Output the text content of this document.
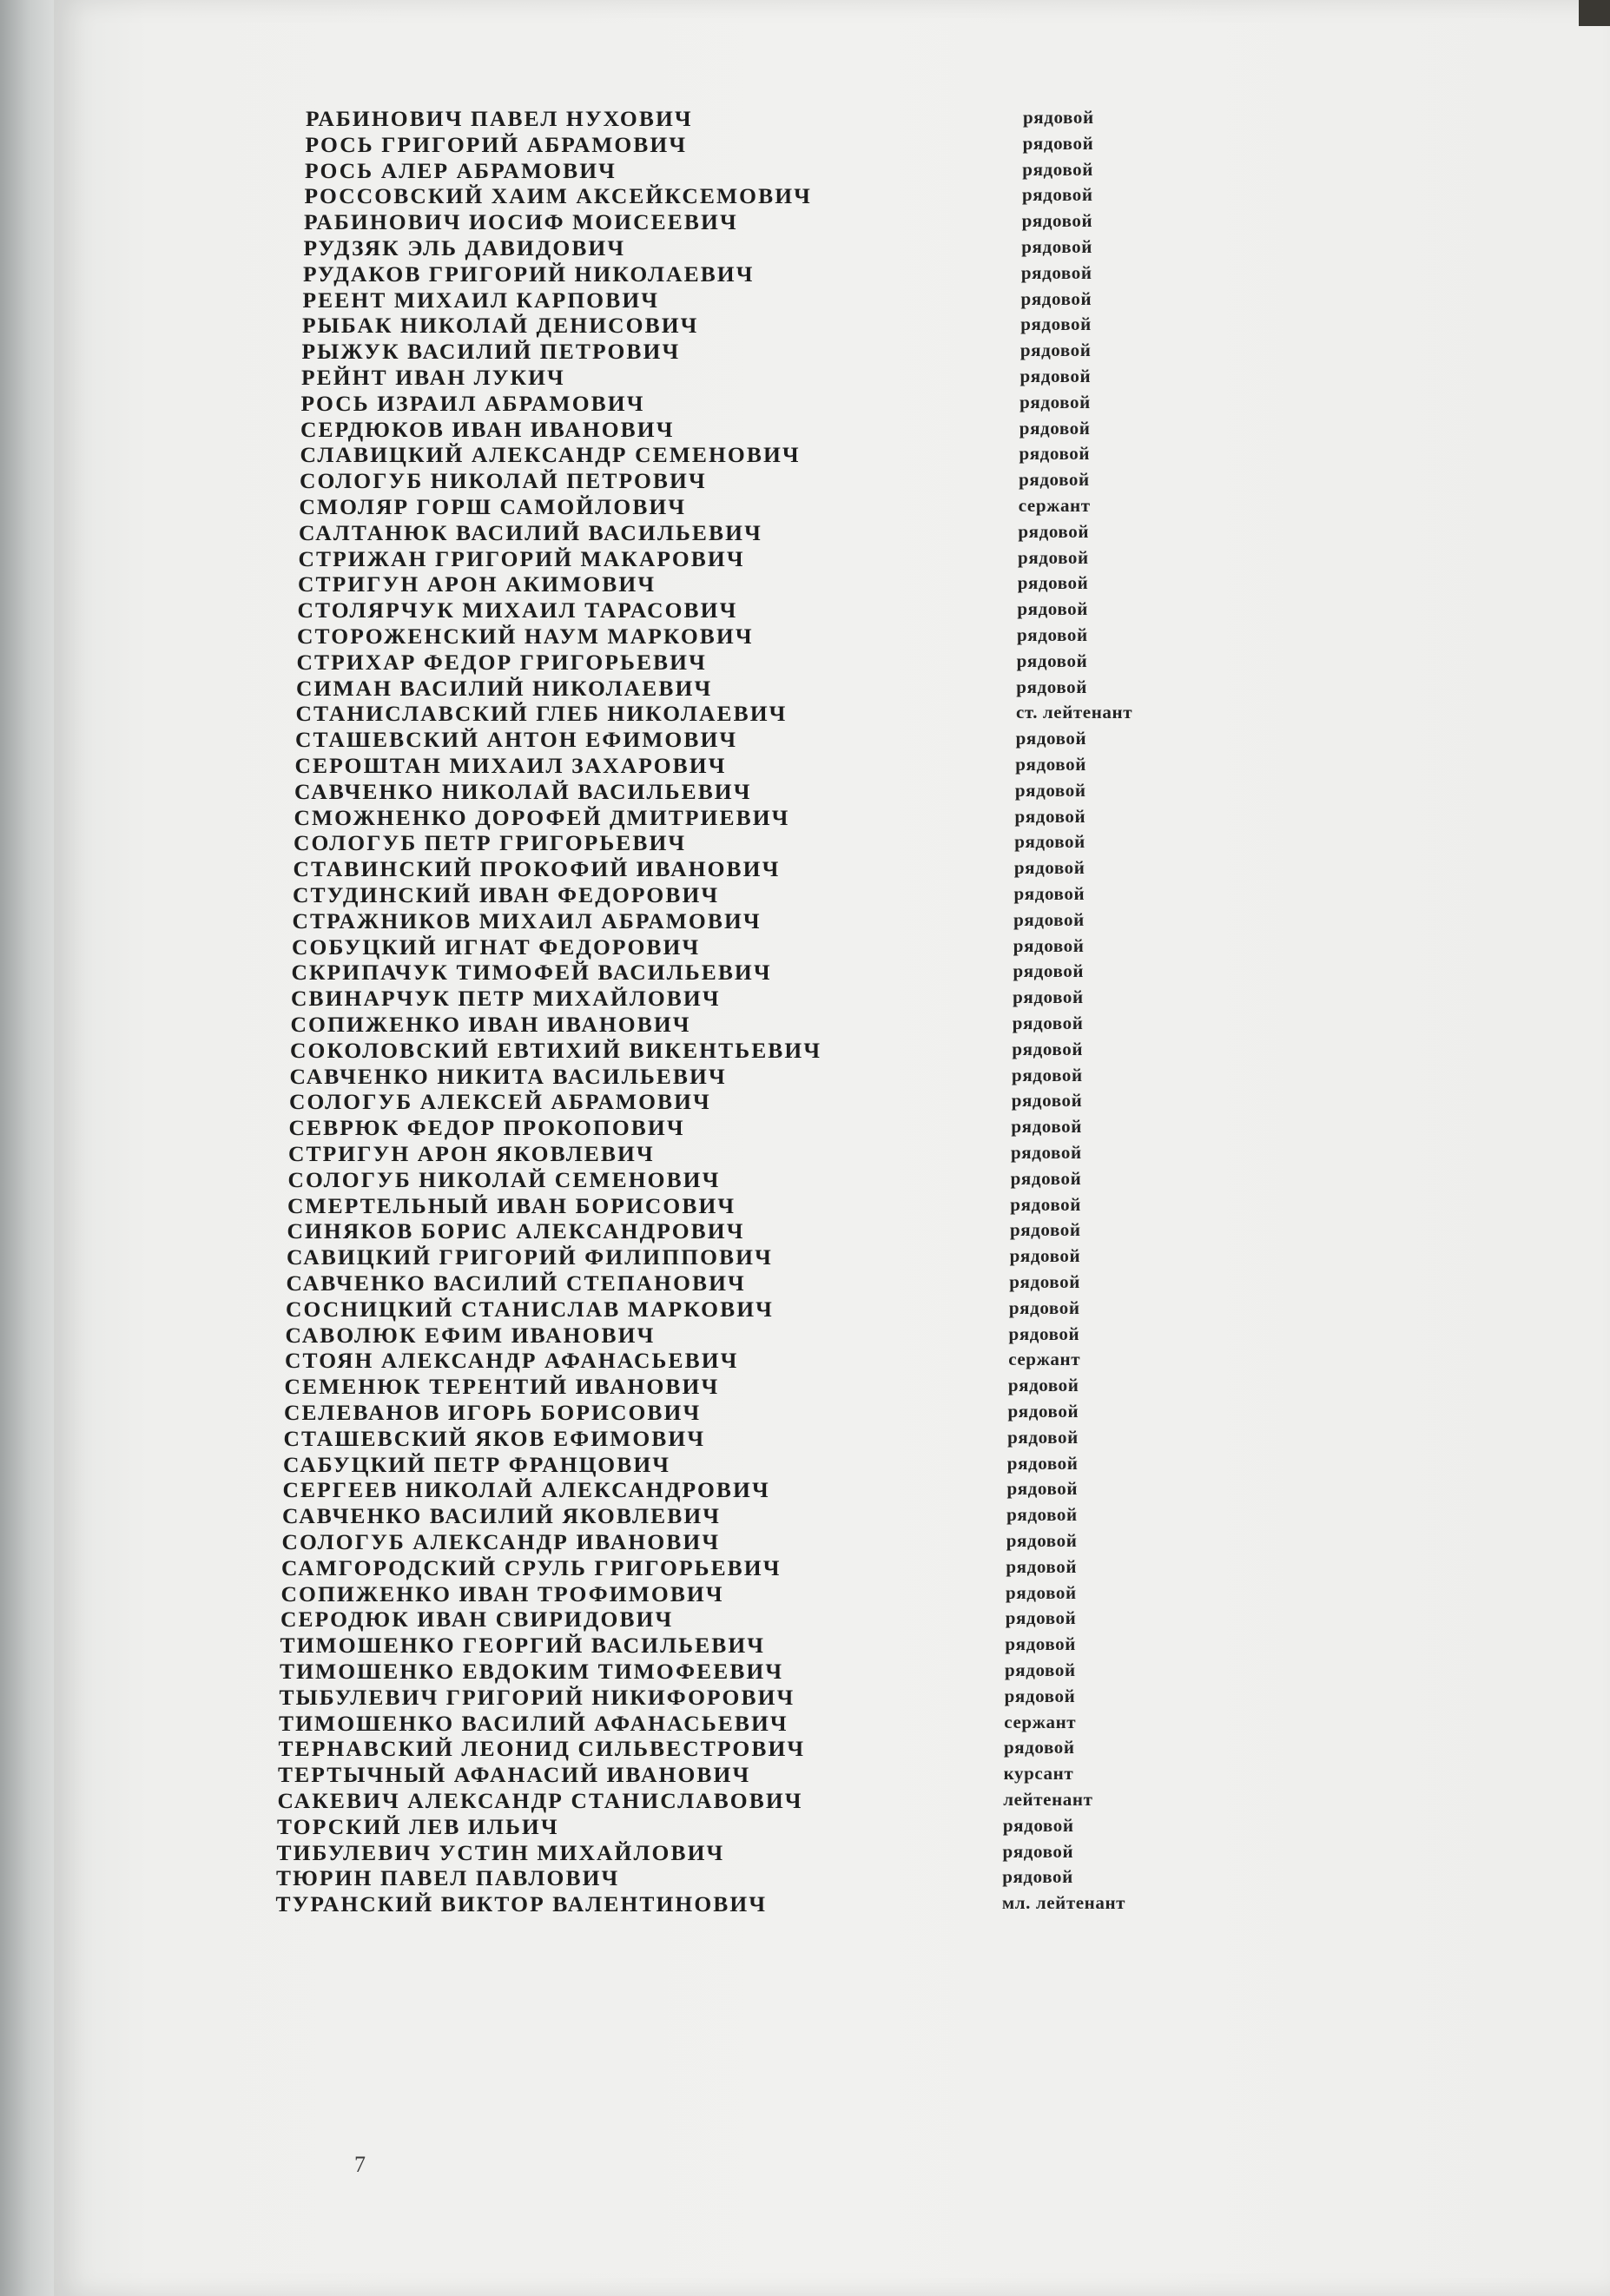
РАБИНОВИЧ ПАВЕЛ НУХОВИЧ	рядовой
РОСЬ ГРИГОРИЙ АБРАМОВИЧ	рядовой
РОСЬ АЛЕР АБРАМОВИЧ	рядовой
РОССОВСКИЙ ХАИМ АКСЕЙКСЕМОВИЧ	рядовой
РАБИНОВИЧ ИОСИФ МОИСЕЕВИЧ	рядовой
РУДЗЯК ЭЛЬ ДАВИДОВИЧ	рядовой
РУДАКОВ ГРИГОРИЙ НИКОЛАЕВИЧ	рядовой
РЕЕНТ МИХАИЛ КАРПОВИЧ	рядовой
РЫБАК НИКОЛАЙ ДЕНИСОВИЧ	рядовой
РЫЖУК ВАСИЛИЙ ПЕТРОВИЧ	рядовой
РЕЙНТ ИВАН ЛУКИЧ	рядовой
РОСЬ ИЗРАИЛ АБРАМОВИЧ	рядовой
СЕРДЮКОВ ИВАН ИВАНОВИЧ	рядовой
СЛАВИЦКИЙ АЛЕКСАНДР СЕМЕНОВИЧ	рядовой
СОЛОГУБ НИКОЛАЙ ПЕТРОВИЧ	рядовой
СМОЛЯР ГОРШ САМОЙЛОВИЧ	сержант
САЛТАНЮК ВАСИЛИЙ ВАСИЛЬЕВИЧ	рядовой
СТРИЖАН ГРИГОРИЙ МАКАРОВИЧ	рядовой
СТРИГУН АРОН АКИМОВИЧ	рядовой
СТОЛЯРЧУК МИХАИЛ ТАРАСОВИЧ	рядовой
СТОРОЖЕНСКИЙ НАУМ МАРКОВИЧ	рядовой
СТРИХАР ФЕДОР ГРИГОРЬЕВИЧ	рядовой
СИМАН ВАСИЛИЙ НИКОЛАЕВИЧ	рядовой
СТАНИСЛАВСКИЙ ГЛЕБ НИКОЛАЕВИЧ	ст. лейтенант
СТАШЕВСКИЙ АНТОН ЕФИМОВИЧ	рядовой
СЕРОШТАН МИХАИЛ ЗАХАРОВИЧ	рядовой
САВЧЕНКО НИКОЛАЙ ВАСИЛЬЕВИЧ	рядовой
СМОЖНЕНКО ДОРОФЕЙ ДМИТРИЕВИЧ	рядовой
СОЛОГУБ ПЕТР ГРИГОРЬЕВИЧ	рядовой
СТАВИНСКИЙ ПРОКОФИЙ ИВАНОВИЧ	рядовой
СТУДИНСКИЙ ИВАН ФЕДОРОВИЧ	рядовой
СТРАЖНИКОВ МИХАИЛ АБРАМОВИЧ	рядовой
СОБУЦКИЙ ИГНАТ ФЕДОРОВИЧ	рядовой
СКРИПАЧУК ТИМОФЕЙ ВАСИЛЬЕВИЧ	рядовой
СВИНАРЧУК ПЕТР МИХАЙЛОВИЧ	рядовой
СОПИЖЕНКО ИВАН ИВАНОВИЧ	рядовой
СОКОЛОВСКИЙ ЕВТИХИЙ ВИКЕНТЬЕВИЧ	рядовой
САВЧЕНКО НИКИТА ВАСИЛЬЕВИЧ	рядовой
СОЛОГУБ АЛЕКСЕЙ АБРАМОВИЧ	рядовой
СЕВРЮК ФЕДОР ПРОКОПОВИЧ	рядовой
СТРИГУН АРОН ЯКОВЛЕВИЧ	рядовой
СОЛОГУБ НИКОЛАЙ СЕМЕНОВИЧ	рядовой
СМЕРТЕЛЬНЫЙ ИВАН БОРИСОВИЧ	рядовой
СИНЯКОВ БОРИС АЛЕКСАНДРОВИЧ	рядовой
САВИЦКИЙ ГРИГОРИЙ ФИЛИППОВИЧ	рядовой
САВЧЕНКО ВАСИЛИЙ СТЕПАНОВИЧ	рядовой
СОСНИЦКИЙ СТАНИСЛАВ МАРКОВИЧ	рядовой
САВОЛЮК ЕФИМ ИВАНОВИЧ	рядовой
СТОЯН АЛЕКСАНДР АФАНАСЬЕВИЧ	сержант
СЕМЕНЮК ТЕРЕНТИЙ ИВАНОВИЧ	рядовой
СЕЛЕВАНОВ ИГОРЬ БОРИСОВИЧ	рядовой
СТАШЕВСКИЙ ЯКОВ ЕФИМОВИЧ	рядовой
САБУЦКИЙ ПЕТР ФРАНЦОВИЧ	рядовой
СЕРГЕЕВ НИКОЛАЙ АЛЕКСАНДРОВИЧ	рядовой
САВЧЕНКО ВАСИЛИЙ ЯКОВЛЕВИЧ	рядовой
СОЛОГУБ АЛЕКСАНДР ИВАНОВИЧ	рядовой
САМГОРОДСКИЙ СРУЛЬ ГРИГОРЬЕВИЧ	рядовой
СОПИЖЕНКО ИВАН ТРОФИМОВИЧ	рядовой
СЕРОДЮК ИВАН СВИРИДОВИЧ	рядовой
ТИМОШЕНКО ГЕОРГИЙ ВАСИЛЬЕВИЧ	рядовой
ТИМОШЕНКО ЕВДОКИМ ТИМОФЕЕВИЧ	рядовой
ТЫБУЛЕВИЧ ГРИГОРИЙ НИКИФОРОВИЧ	рядовой
ТИМОШЕНКО ВАСИЛИЙ АФАНАСЬЕВИЧ	сержант
ТЕРНАВСКИЙ ЛЕОНИД СИЛЬВЕСТРОВИЧ	рядовой
ТЕРТЫЧНЫЙ АФАНАСИЙ ИВАНОВИЧ	курсант
САКЕВИЧ АЛЕКСАНДР СТАНИСЛАВОВИЧ	лейтенант
ТОРСКИЙ ЛЕВ ИЛЬИЧ	рядовой
ТИБУЛЕВИЧ УСТИН МИХАЙЛОВИЧ	рядовой
ТЮРИН ПАВЕЛ ПАВЛОВИЧ	рядовой
ТУРАНСКИЙ ВИКТОР ВАЛЕНТИНОВИЧ	мл. лейтенант
7
